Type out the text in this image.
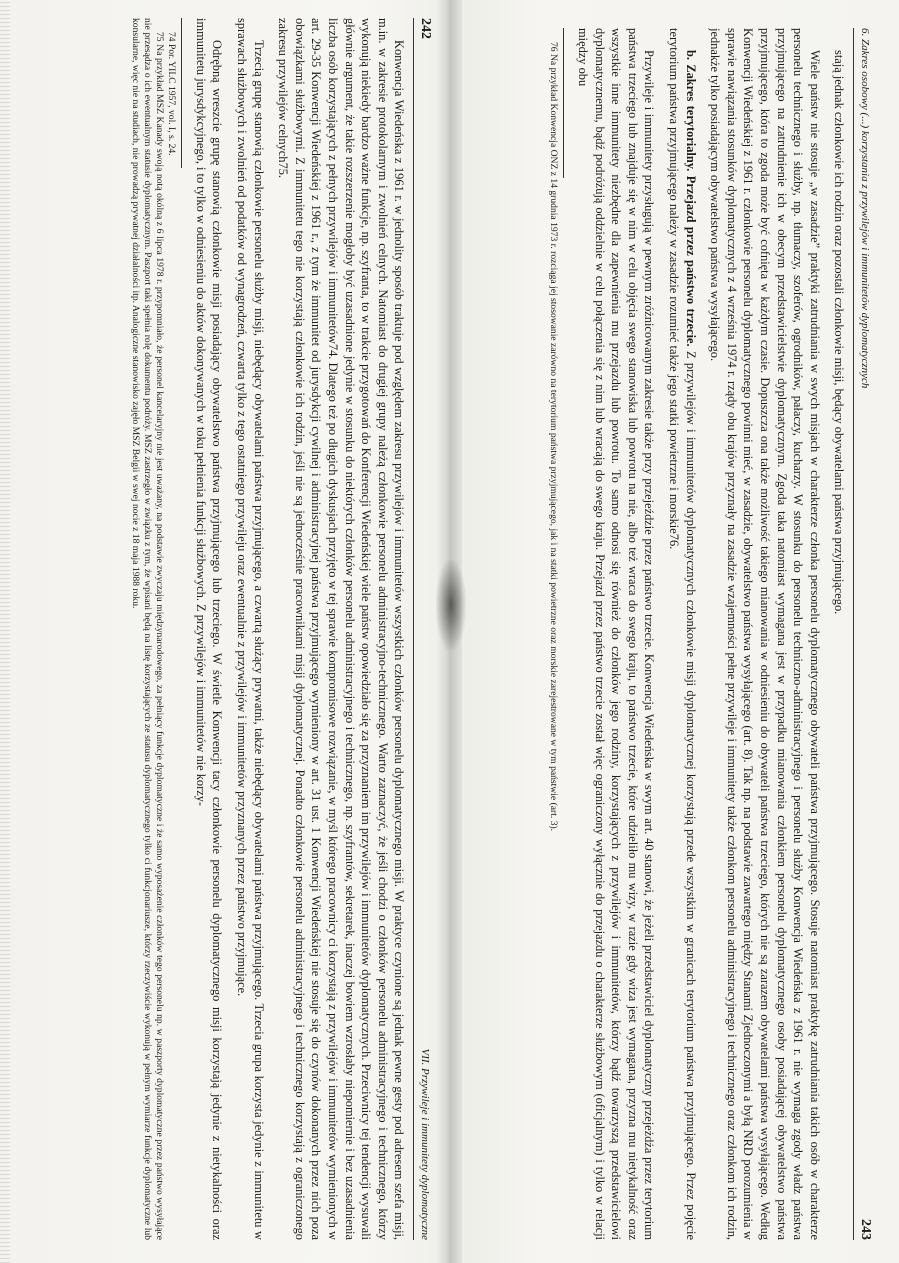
242
VII. Przywileje i immunitety dyplomatyczne

Konwencja Wiedeńska z 1961 r. w jednolity sposób traktuje pod względem zakresu przywilejów i immunitetów wszystkich członków personelu dyplomatycznego misji. W praktyce czynione są jednak pewne gesty pod adresem szefa misji, m.in. w zakresie protokolarnym i zwolnień celnych. Natomiast do drugiej grupy należą członkowie personelu administracyjno-technicznego. Warto zaznaczyć, że jeśli chodzi o członków personelu administracyjnego i technicznego, którzy wykonują niekiedy bardzo ważne funkcje, np. szyfranta, to w trakcie przygotowań do Konferencji Wiedeńskiej wiele państw opowiedziało się za przyznaniem im przywilejów i immunitetów dyplomatycznych. Przeciwnicy tej tendencji wysuwali głównie argument, że takie rozszerzenie mogłoby być uzasadnione jedynie w stosunku do niektórych członków personelu administracyjnego i technicznego, np. szyfrantów, sekretarek, inaczej bowiem wzrosłaby niepomiernie i bez uzasadnienia liczba osób korzystających z pełnych przywilejów i immunitetów74. Dlatego też po długich dyskusjach przyjęto w tej sprawie kompromisowe rozwiązanie, w myśl którego pracownicy ci korzystają z przywilejów i immunitetów wymienionych w art. 29-35 Konwencji Wiedeńskiej z 1961 r., z tym że immunitet od jurysdykcji cywilnej i administracyjnej państwa przyjmującego wymieniony w art. 31 ust. 1 Konwencji Wiedeńskiej nie stosuje się do czynów dokonanych przez nich poza obowiązkami służbowymi. Z immunitetu tego nie korzystają członkowie ich rodzin, jeśli nie są jednocześnie pracownikami misji dyplomatycznej. Ponadto członkowie personelu administracyjnego i technicznego korzystają z ograniczonego zakresu przywilejów celnych75.

Trzecią grupę stanowią członkowie personelu służby misji, niebędący obywatelami państwa przyjmującego, a czwartą służący prywatni, także niebędący obywatelami państwa przyjmującego. Trzecia grupa korzysta jedynie z immunitetu w sprawach służbowych i zwolnień od podatków od wynagrodzeń, czwarta tylko z tego ostatniego przywileju oraz ewentualnie z przywilejów i immunitetów przyznanych przez państwo przyjmujące.

Odrębną wreszcie grupę stanowią członkowie misji posiadający obywatelstwo państwa przyjmującego lub trzeciego. W świetle Konwencji tacy członkowie personelu dyplomatycznego misji korzystają jedynie z nietykalności oraz immunitetu jurysdykcyjnego, i to tylko w odniesieniu do aktów dokonywanych w toku pełnienia funkcji służbowych. Z przywilejów i immunitetów nie korzy-

74 Por. YILC 1957, vol. I, s. 24.

75 Na przykład MSZ Kanady swoją notą okólną z 6 lipca 1978 r. przypomniało, że personel kancelaryjny nie jest uważany, na podstawie zwyczaju międzynarodowego, za pełniący funkcje dyplomatyczne i że samo wyposażenie członków tego personelu np. w paszporty dyplomatyczne przez państwo wysyłające nie przesądza o ich ewentualnym statusie dyplomatycznym. Paszport taki spełnia rolę dokumentu podróży. MSZ zastrzegło w związku z tym, że wpisani będą na listę korzystających ze statusu dyplomatycznego tylko ci funkcjonariusze, którzy rzeczywiście wykonują w pełnym wymiarze funkcje dyplomatyczne lub konsularne, więc nie na studiach, nie prowadzą prywatnej działalności itp. Analogiczne stanowisko zajęło MSZ Belgii w swej nocie z 18 maja 1988 roku.	6. Zakres osobowy (...) korzystania z przywilejów i immunitetów dyplomatycznych
243

stają jednak członkowie ich rodzin oraz pozostali członkowie misji, będący obywatelami państwa przyjmującego.

Wiele państw nie stosuje „w zasadzie” praktyki zatrudniania w swych misjach w charakterze członka personelu dyplomatycznego obywateli państwa przyjmującego. Stosuje natomiast praktykę zatrudniania takich osób w charakterze personelu technicznego i służby, np. tłumaczy, szoferów, ogrodników, pałaczy, kucharzy. W stosunku do personelu techniczno-administracyjnego i personelu służby Konwencja Wiedeńska z 1961 r. nie wymaga zgody władz państwa przyjmującego na zatrudnienie ich w obecym przedstawicielstwie dyplomatycznym. Zgoda taka natomiast wymagana jest w przypadku mianowania członkiem personelu dyplomatycznego osoby posiadającej obywatelstwo państwa przyjmującego, która to zgoda może być cofnięta w każdym czasie. Dopuszcza ona także możliwość takiego mianowania w odniesieniu do obywateli państwa trzeciego, których nie są zarazem obywatelami państwa wysyłającego. Według Konwencji Wiedeńskiej z 1961 r. członkowie personelu dyplomatycznego powinni mieć, w zasadzie, obywatelstwo państwa wysyłającego (art. 8). Tak np. na podstawie zawartego między Stanami Zjednoczonymi a byłą NRD porozumienia w sprawie nawiązania stosunków dyplomatycznych z 4 września 1974 r. rządy obu krajów przyznały na zasadzie wzajemności pełne przywileje i immunitety także członkom personelu administracyjnego i technicznego oraz członkom ich rodzin, jednakże tylko posiadającym obywatelstwo państwa wysyłającego.

b. Zakres terytorialny. Przejazd przez państwo trzecie. Z przywilejów i immunitetów dyplomatycznych członkowie misji dyplomatycznej korzystają przede wszystkim w granicach terytorium państwa przyjmującego. Przez pojęcie terytorium państwa przyjmującego należy w zasadzie rozumieć także jego statki powietrzne i morskie76.

Przywileje i immunitety przysługują w pewnym zróżnicowanym zakresie także przy przejeździe przez państwo trzecie. Konwencja Wiedeńska w swym art. 40 stanowi, że jeżeli przedstawiciel dyplomatyczny przejeżdża przez terytorium państwa trzeciego lub znajduje się w nim w celu objęcia swego stanowiska lub powrotu na nie, albo też wraca do swego kraju, to państwo trzecie, które udzieliło mu wizy, w razie gdy wiza jest wymagana, przyzna mu nietykalność oraz wszystkie inne immunitety niezbędne dla zapewnienia mu przejazdu lub powrotu. To samo odnosi się również do członków jego rodziny, korzystających z przywilejów i immunitetów, którzy bądź towarzyszą przedstawicielowi dyplomatycznemu, bądź podróżują oddzielnie w celu połączenia się z nim lub wracają do swego kraju. Przejazd przez państwo trzecie został więc ograniczony wyłącznie do przejazdu o charakterze służbowym (oficjalnym) i tylko w relacji między obu

76 Na przykład Konwencja ONZ z 14 grudnia 1973 r. rozciąga jej stosowanie zarówno na terytorium państwa przyjmującego, jak i na statki powietrzne oraz morskie zarejestrowane w tym państwie (art. 3).
